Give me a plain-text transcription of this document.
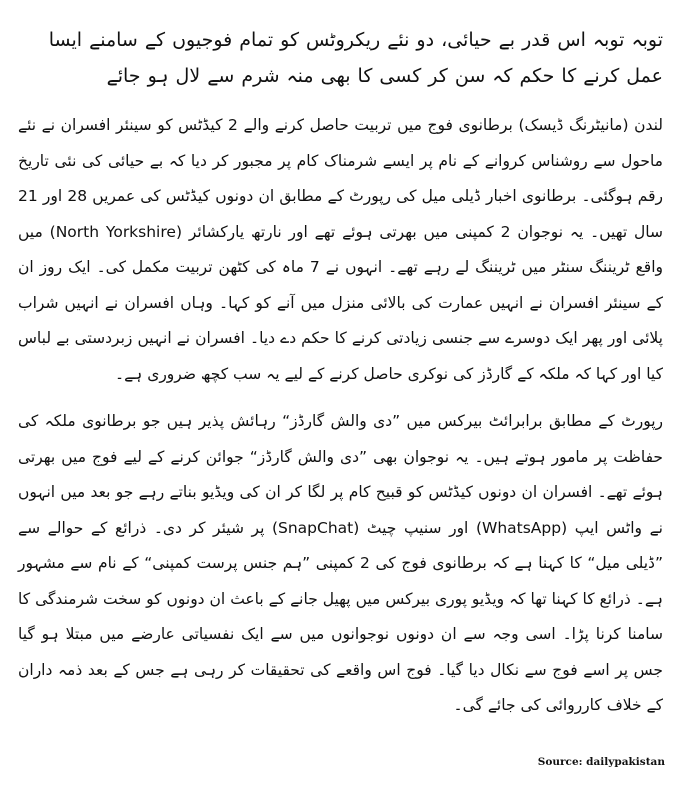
توبہ توبہ اس قدر بے حیائی، دو نئے ریکروٹس کو تمام فوجیوں کے سامنے ایسا عمل کرنے کا حکم کہ سن کر کسی کا بھی منہ شرم سے لال ہو جائے

لندن (مانیٹرنگ ڈیسک) برطانوی فوج میں تربیت حاصل کرنے والے 2 کیڈٹس کو سینئر افسران نے نئے ماحول سے روشناس کروانے کے نام پر ایسے شرمناک کام پر مجبور کر دیا کہ بے حیائی کی نئی تاریخ رقم ہوگئی۔ برطانوی اخبار ڈیلی میل کی رپورٹ کے مطابق ان دونوں کیڈٹس کی عمریں 28 اور 21 سال تھیں۔ یہ نوجوان 2 کمپنی میں بھرتی ہوئے تھے اور نارتھ یارکشائر (North Yorkshire) میں واقع ٹریننگ سنٹر میں ٹریننگ لے رہے تھے۔ انہوں نے 7 ماہ کی کٹھن تربیت مکمل کی۔ ایک روز ان کے سینئر افسران نے انہیں عمارت کی بالائی منزل میں آنے کو کہا۔ وہاں افسران نے انہیں شراب پلائی اور پھر ایک دوسرے سے جنسی زیادتی کرنے کا حکم دے دیا۔ افسران نے انہیں زبردستی بے لباس کیا اور کہا کہ ملکہ کے گارڈز کی نوکری حاصل کرنے کے لیے یہ سب کچھ ضروری ہے۔

رپورٹ کے مطابق برابرائٹ بیرکس میں ”دی والش گارڈز“ رہائش پذیر ہیں جو برطانوی ملکہ کی حفاظت پر مامور ہوتے ہیں۔ یہ نوجوان بھی ”دی والش گارڈز“ جوائن کرنے کے لیے فوج میں بھرتی ہوئے تھے۔ افسران ان دونوں کیڈٹس کو قبیح کام پر لگا کر ان کی ویڈیو بناتے رہے جو بعد میں انہوں نے واٹس ایپ (WhatsApp) اور سنیپ چیٹ (SnapChat) پر شیئر کر دی۔ ذرائع کے حوالے سے ”ڈیلی میل“ کا کہنا ہے کہ برطانوی فوج کی 2 کمپنی ”ہم جنس پرست کمپنی“ کے نام سے مشہور ہے۔ ذرائع کا کہنا تھا کہ ویڈیو پوری بیرکس میں پھیل جانے کے باعث ان دونوں کو سخت شرمندگی کا سامنا کرنا پڑا۔ اسی وجہ سے ان دونوں نوجوانوں میں سے ایک نفسیاتی عارضے میں مبتلا ہو گیا جس پر اسے فوج سے نکال دیا گیا۔ فوج اس واقعے کی تحقیقات کر رہی ہے جس کے بعد ذمہ داران کے خلاف کارروائی کی جائے گی۔

Source: dailypakistan
